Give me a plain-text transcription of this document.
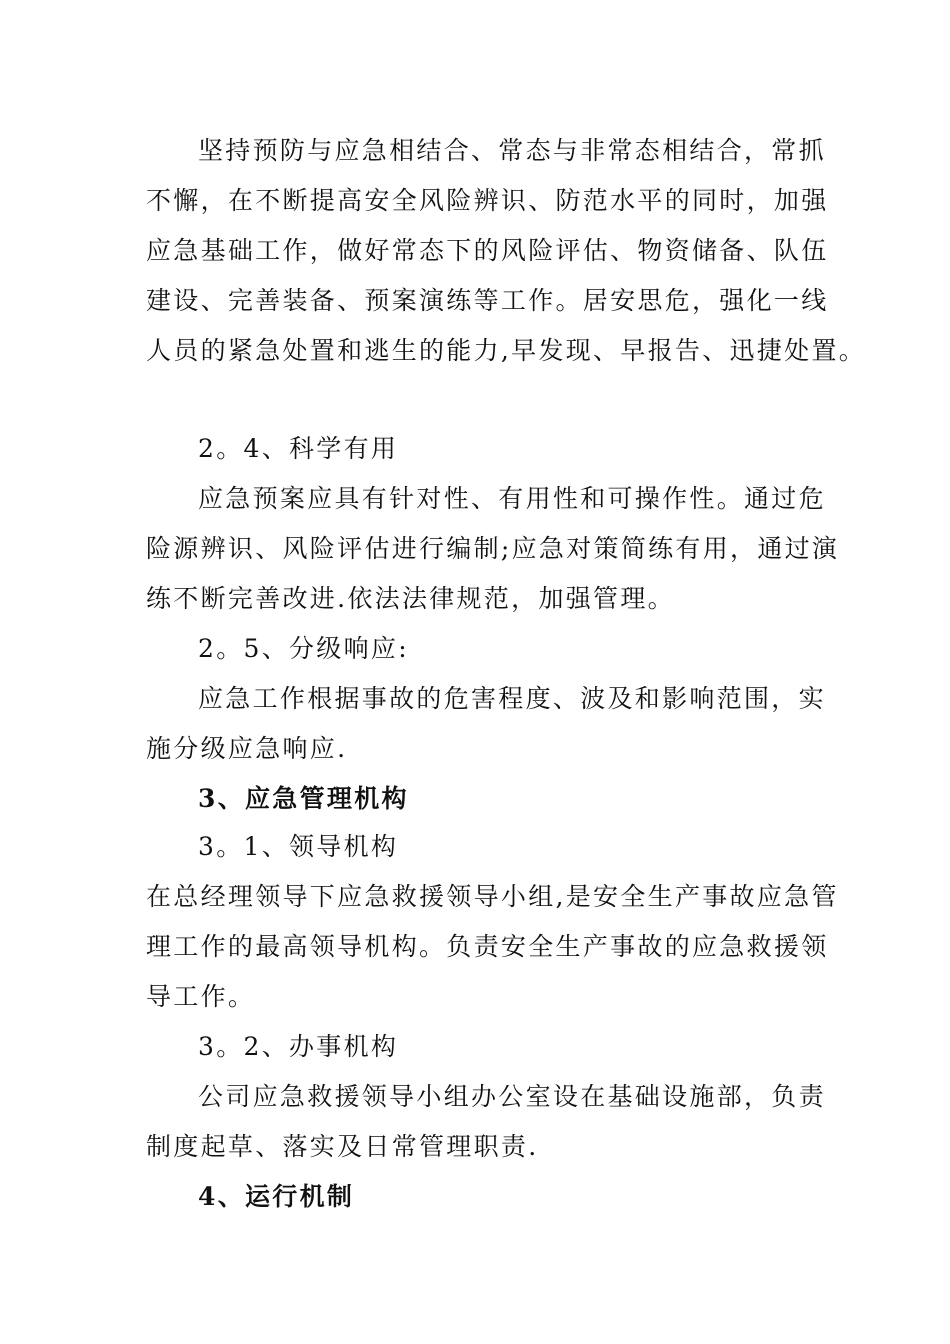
坚持预防与应急相结合、常态与非常态相结合，常抓
不懈，在不断提高安全风险辨识、防范水平的同时，加强
应急基础工作，做好常态下的风险评估、物资储备、队伍
建设、完善装备、预案演练等工作。居安思危，强化一线
人员的紧急处置和逃生的能力,早发现、早报告、迅捷处置。
2。4、科学有用
应急预案应具有针对性、有用性和可操作性。通过危
险源辨识、风险评估进行编制;应急对策简练有用，通过演
练不断完善改进.依法法律规范，加强管理。
2。5、分级响应:
应急工作根据事故的危害程度、波及和影响范围，实
施分级应急响应.
3、应急管理机构
3。1、领导机构
在总经理领导下应急救援领导小组,是安全生产事故应急管
理工作的最高领导机构。负责安全生产事故的应急救援领
导工作。
3。2、办事机构
公司应急救援领导小组办公室设在基础设施部，负责
制度起草、落实及日常管理职责.
4、运行机制
